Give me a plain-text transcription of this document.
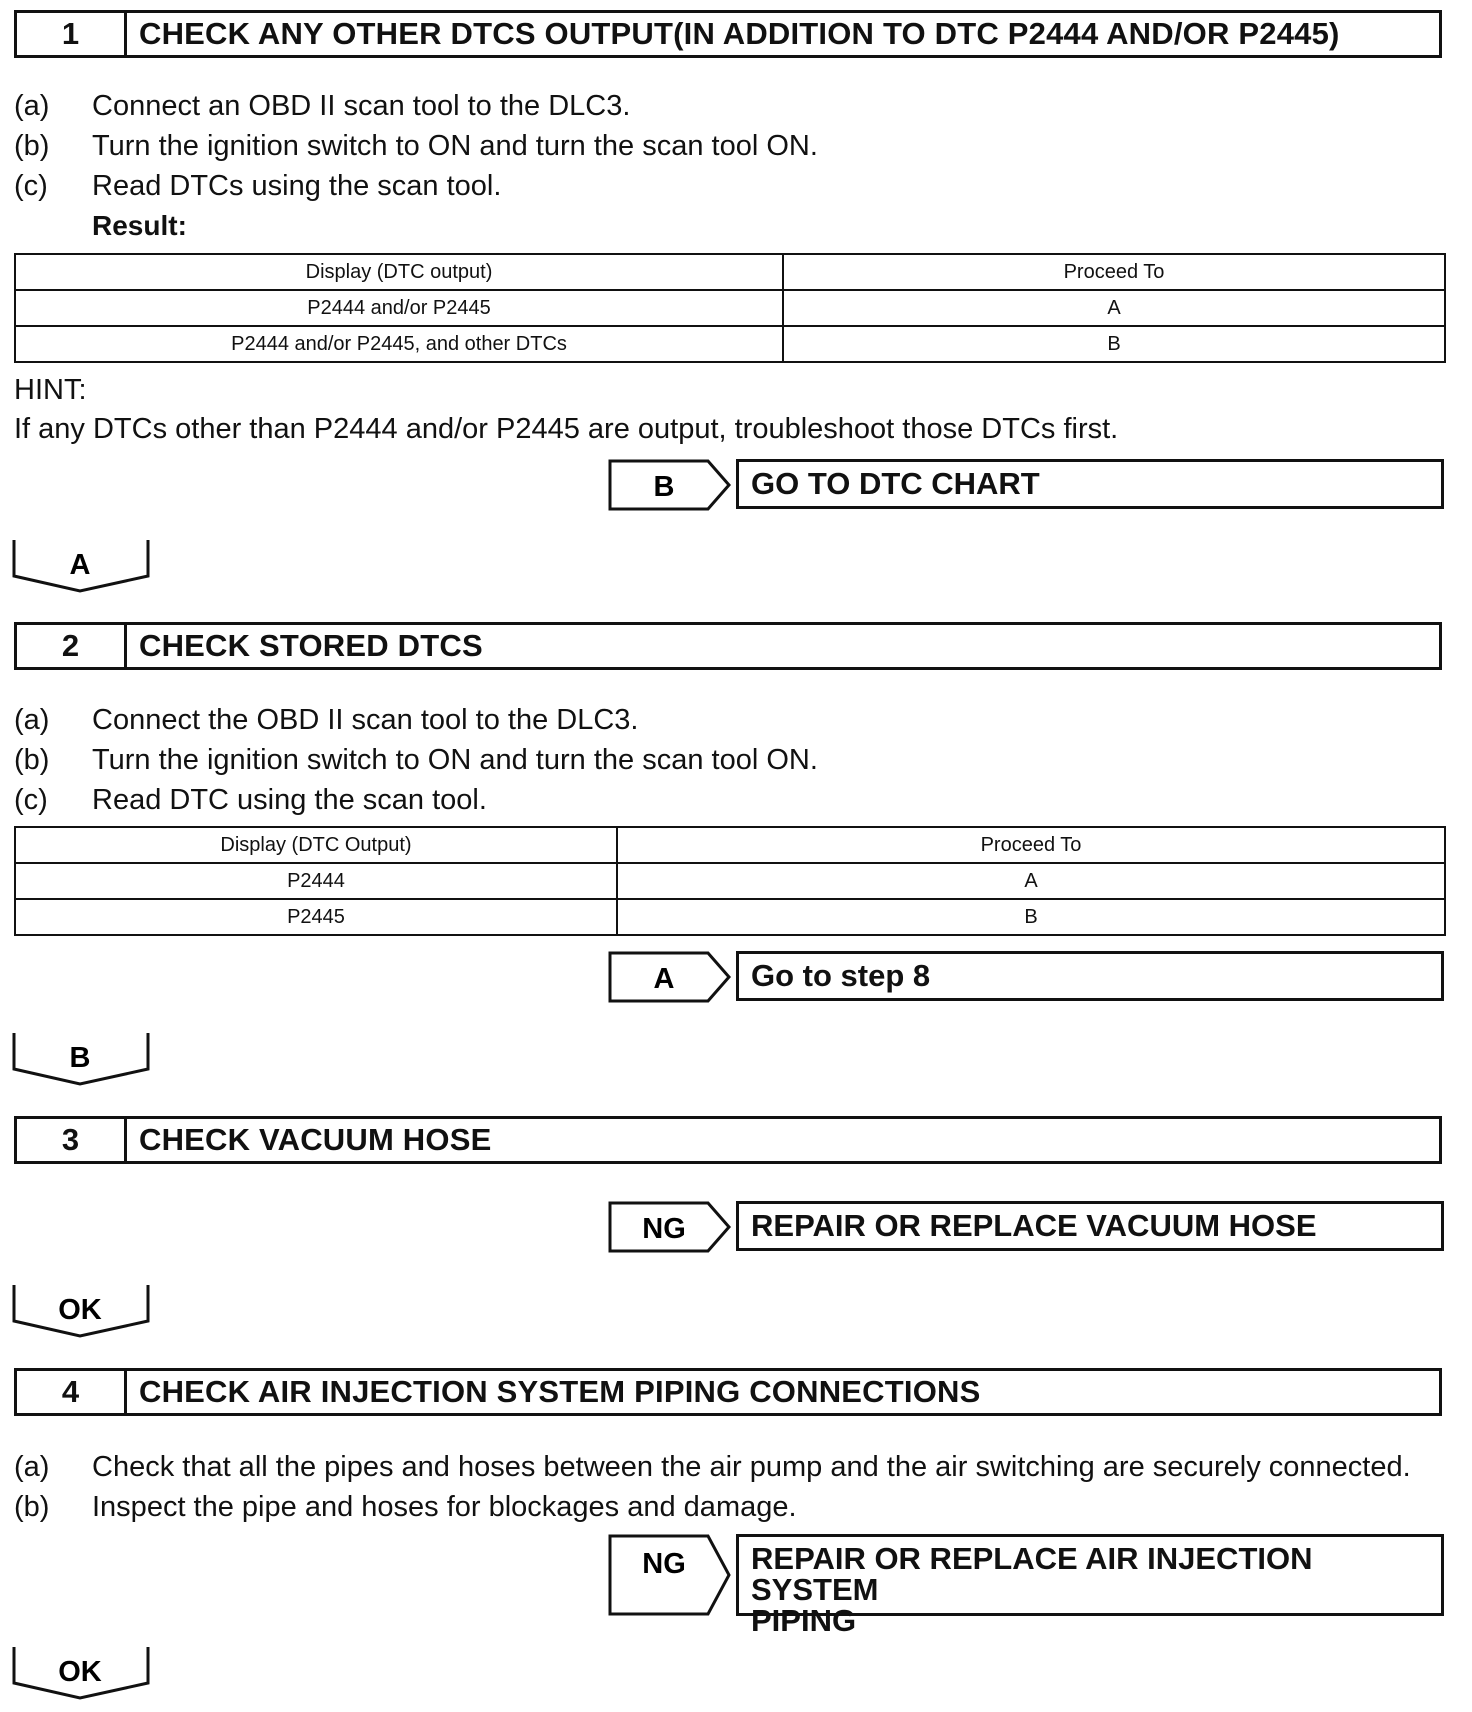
1	CHECK ANY OTHER DTCS OUTPUT(IN ADDITION TO DTC P2444 AND/OR P2445)
(a) Connect an OBD II scan tool to the DLC3.
(b) Turn the ignition switch to ON and turn the scan tool ON.
(c) Read DTCs using the scan tool.
Result:
Display (DTC output)	Proceed To
P2444 and/or P2445	A
P2444 and/or P2445, and other DTCs	B
HINT:
If any DTCs other than P2444 and/or P2445 are output, troubleshoot those DTCs first.
B	GO TO DTC CHART
A
2	CHECK STORED DTCS
(a) Connect the OBD II scan tool to the DLC3.
(b) Turn the ignition switch to ON and turn the scan tool ON.
(c) Read DTC using the scan tool.
Display (DTC Output)	Proceed To
P2444	A
P2445	B
A	Go to step 8
B
3	CHECK VACUUM HOSE
NG	REPAIR OR REPLACE VACUUM HOSE
OK
4	CHECK AIR INJECTION SYSTEM PIPING CONNECTIONS
(a) Check that all the pipes and hoses between the air pump and the air switching are securely connected.
(b) Inspect the pipe and hoses for blockages and damage.
NG REPAIR OR REPLACE AIR INJECTION SYSTEM
PIPING
OK
